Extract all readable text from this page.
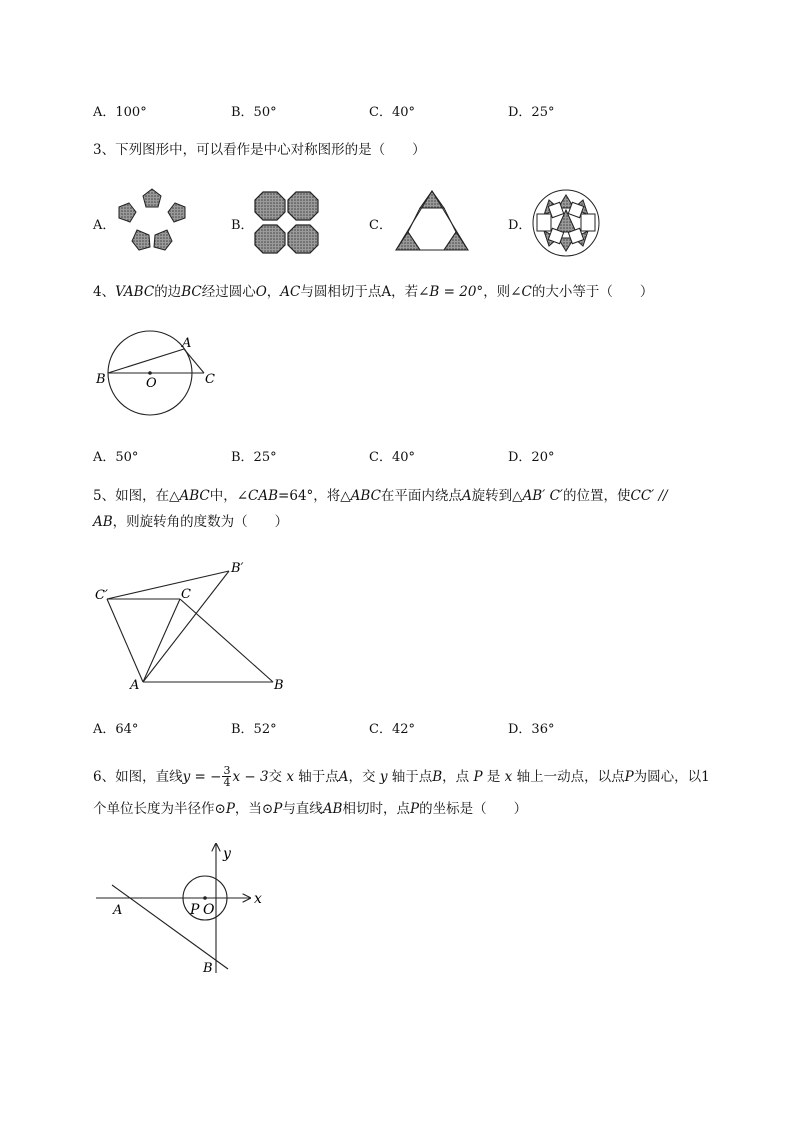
A．100°	B．50°	C．40°	D．25°
3、下列图形中，可以看作是中心对称图形的是（　　）
A．	B．	C．	D．
4、VABC的边BC经过圆心O，AC与圆相切于点A，若∠B = 20°，则∠C的大小等于（　　）
A
B	C
O
A．50°	B．25°	C．40°	D．20°
5、如图，在△ABC中，∠CAB=64°，将△ABC在平面内绕点A旋转到△AB′ C′的位置，使CC′ //
AB，则旋转角的度数为（　　）
B′
C′	C
A	B
A．64°	B．52°	C．42°	D．36°
6、如图，直线y = − $\frac{3}{4}$ x − 3交 x 轴于点A，交 y 轴于点B，点 P 是 x 轴上一动点，以点P为圆心，以1
个单位长度为半径作⊙P，当⊙P与直线AB相切时，点P的坐标是（　　）
y
x
A	P O
B
